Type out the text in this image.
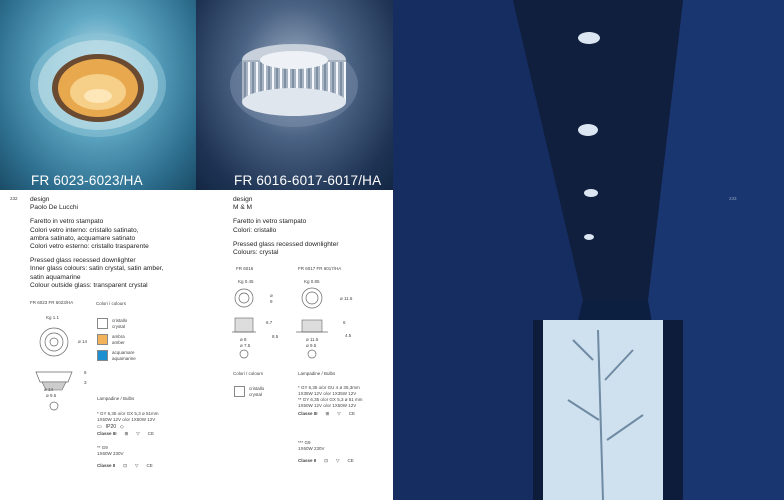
FR 6023-6023/HA	FR 6016-6017-6017/HA
233
232 design
Paolo De Lucchi
Faretto in vetro stampato
Colori vetro interno: cristallo satinato,
ambra satinato, acquamare satinato
Colori vetro esterno: cristallo trasparente
Pressed glass recessed downlighter
Inner glass colours: satin crystal, satin amber,
satin aquamarine
Colour outside glass: transparent crystal
FR 6023 FR 6023/HA
Kg 1.1
ø 14
6
3
ø 14
ø 9.5
Colori / colours
cristallo
crystal
ambra
amber
acquamare
aquamarine
Lampadine / Bulbs
* GY 6,35 o/or GX 5,3 ø 51mm
1X50W 12V o/or 1X50W 12V
▭ IP20 ◇
Classe III ⊞ ▽ CE
** G9
1X60W 230V
Classe II ⊡ ▽ CE
design
M & M
Faretto in vetro stampato
Colori: cristallo
Pressed glass recessed downlighter
Colours: crystal
FR 6016	FR 6017 FR 6017/HA
Kg 0.45	Kg 0.85
ø
9
6.7
ø 8
ø 7.5
8.5
ø 11.5
6
4.5
ø 11.5
ø 9.5
Colori / colours
cristallo
crystal
Lampadine / Bulbs
* GY 6,35 o/or GU 4 ø 35,3mm
1X35W 12V o/or 1X35W 12V
** GY 6,35 o/or GX 5,3 ø 51 mm
1X50W 12V o/or 1X50W 12V
Classe III ⊞ ▽ CE
*** G9
1X60W 230V
Classe II ⊡ ▽ CE
